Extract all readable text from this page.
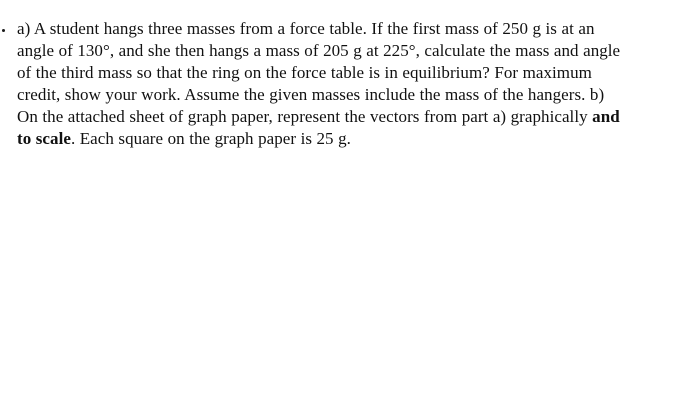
a) A student hangs three masses from a force table. If the first mass of 250 g is at an
angle of 130°, and she then hangs a mass of 205 g at 225°, calculate the mass and angle
of the third mass so that the ring on the force table is in equilibrium? For maximum
credit, show your work. Assume the given masses include the mass of the hangers. b)
On the attached sheet of graph paper, represent the vectors from part a) graphically and
to scale. Each square on the graph paper is 25 g.
